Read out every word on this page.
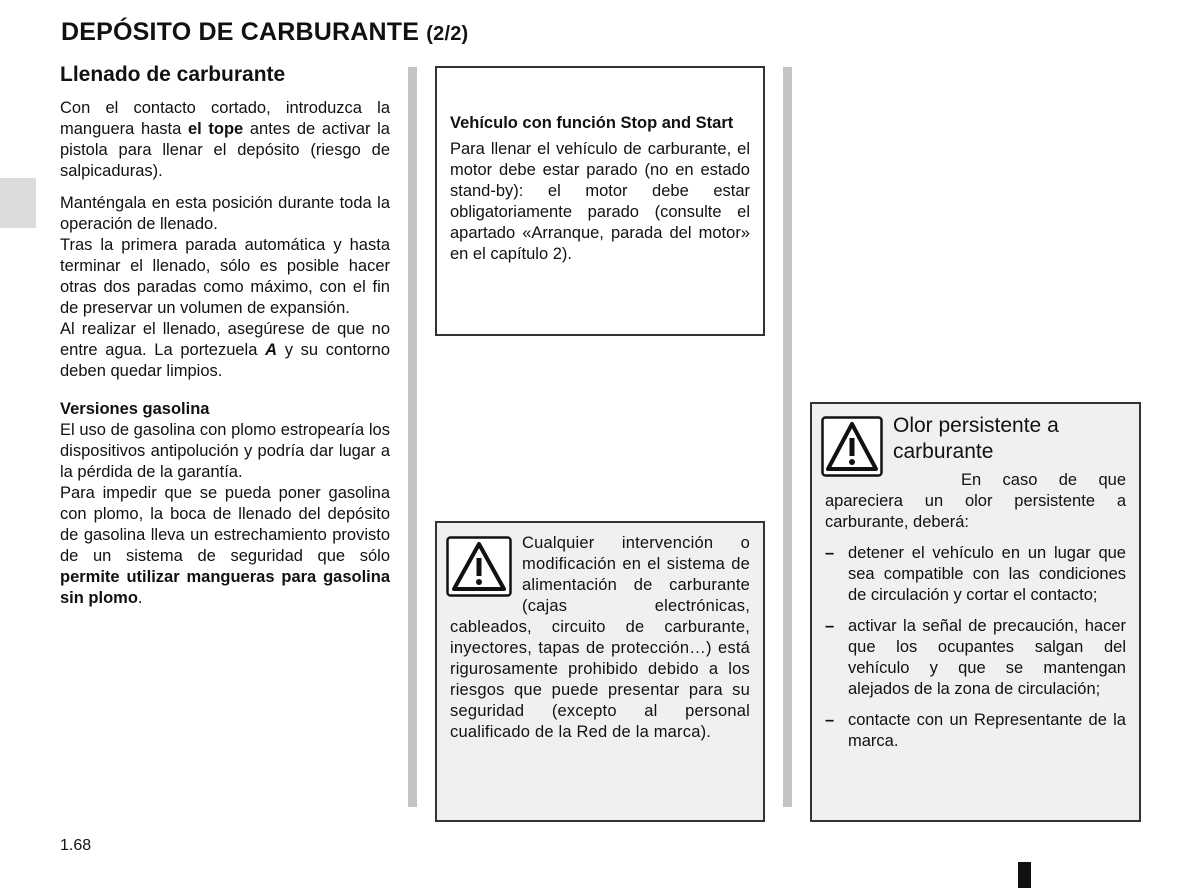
DEPÓSITO DE CARBURANTE (2/2)
Llenado de carburante

Con el contacto cortado, introduzca la manguera hasta el tope antes de activar la pistola para llenar el depósito (riesgo de salpicaduras).

Manténgala en esta posición durante toda la operación de llenado.

Tras la primera parada automática y hasta terminar el llenado, sólo es posible hacer otras dos paradas como máximo, con el fin de preservar un volumen de expansión.

Al realizar el llenado, asegúrese de que no entre agua. La portezuela A y su contorno deben quedar limpios.

Versiones gasolina

El uso de gasolina con plomo estropearía los dispositivos antipolución y podría dar lugar a la pérdida de la garantía.

Para impedir que se pueda poner gasolina con plomo, la boca de llenado del depósito de gasolina lleva un estrechamiento provisto de un sistema de seguridad que sólo permite utilizar mangueras para gasolina sin plomo.

Vehículo con función Stop and Start

Para llenar el vehículo de carburante, el motor debe estar parado (no en estado stand-by): el motor debe estar obligatoriamente parado (consulte el apartado «Arranque, parada del motor» en el capítulo 2).

Cualquier intervención o modificación en el sistema de alimentación de carburante (cajas electrónicas, cableados, circuito de carburante, inyectores, tapas de protección…) está rigurosamente prohibido debido a los riesgos que puede presentar para su seguridad (excepto al personal cualificado de la Red de la marca).

Olor persistente a carburante

En caso de que apareciera un olor persistente a carburante, deberá:

– detener el vehículo en un lugar que sea compatible con las condiciones de circulación y cortar el contacto;
– activar la señal de precaución, hacer que los ocupantes salgan del vehículo y que se mantengan alejados de la zona de circulación;
– contacte con un Representante de la marca.
1.68
